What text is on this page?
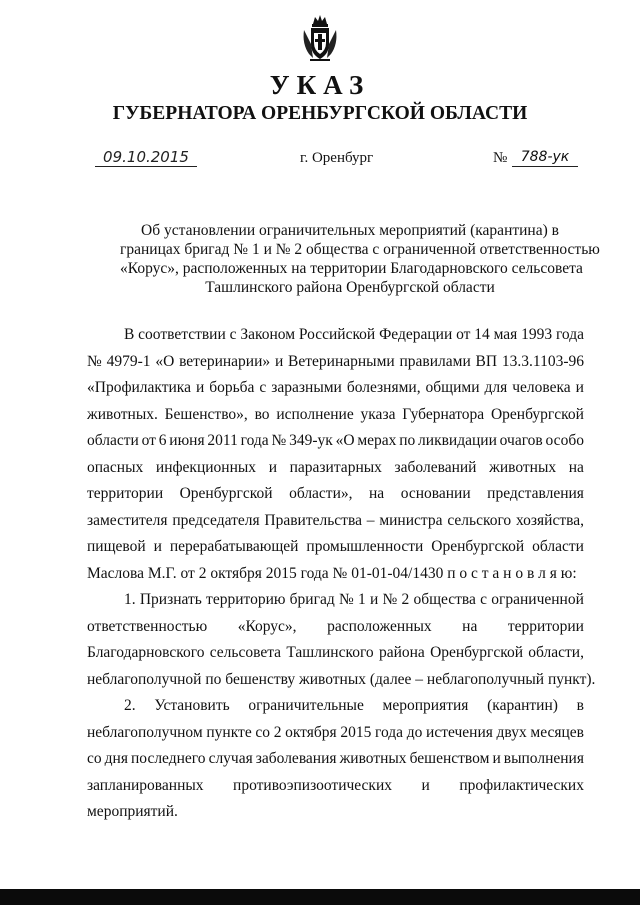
УКАЗ
ГУБЕРНАТОРА ОРЕНБУРГСКОЙ ОБЛАСТИ
09.10.2015	г. Оренбург	№ 788-ук
Об установлении ограничительных мероприятий (карантина) в
границах бригад № 1 и № 2 общества с ограниченной ответственностью
«Корус», расположенных на территории Благодарновского сельсовета
Ташлинского района Оренбургской области
В соответствии с Законом Российской Федерации от 14 мая 1993 года
№ 4979-1 «О ветеринарии» и Ветеринарными правилами ВП 13.3.1103-96
«Профилактика и борьба с заразными болезнями, общими для человека и
животных. Бешенство», во исполнение указа Губернатора Оренбургской
области от 6 июня 2011 года № 349-ук «О мерах по ликвидации очагов особо
опасных инфекционных и паразитарных заболеваний животных на
территории Оренбургской области», на основании представления
заместителя председателя Правительства – министра сельского хозяйства,
пищевой и перерабатывающей промышленности Оренбургской области
Маслова М.Г. от 2 октября 2015 года № 01-01-04/1430 п о с т а н о в л я ю:
1. Признать территорию бригад № 1 и № 2 общества с ограниченной
ответственностью «Корус», расположенных на территории
Благодарновского сельсовета Ташлинского района Оренбургской области,
неблагополучной по бешенству животных (далее – неблагополучный пункт).
2. Установить ограничительные мероприятия (карантин) в
неблагополучном пункте со 2 октября 2015 года до истечения двух месяцев
со дня последнего случая заболевания животных бешенством и выполнения
запланированных противоэпизоотических и профилактических
мероприятий.
